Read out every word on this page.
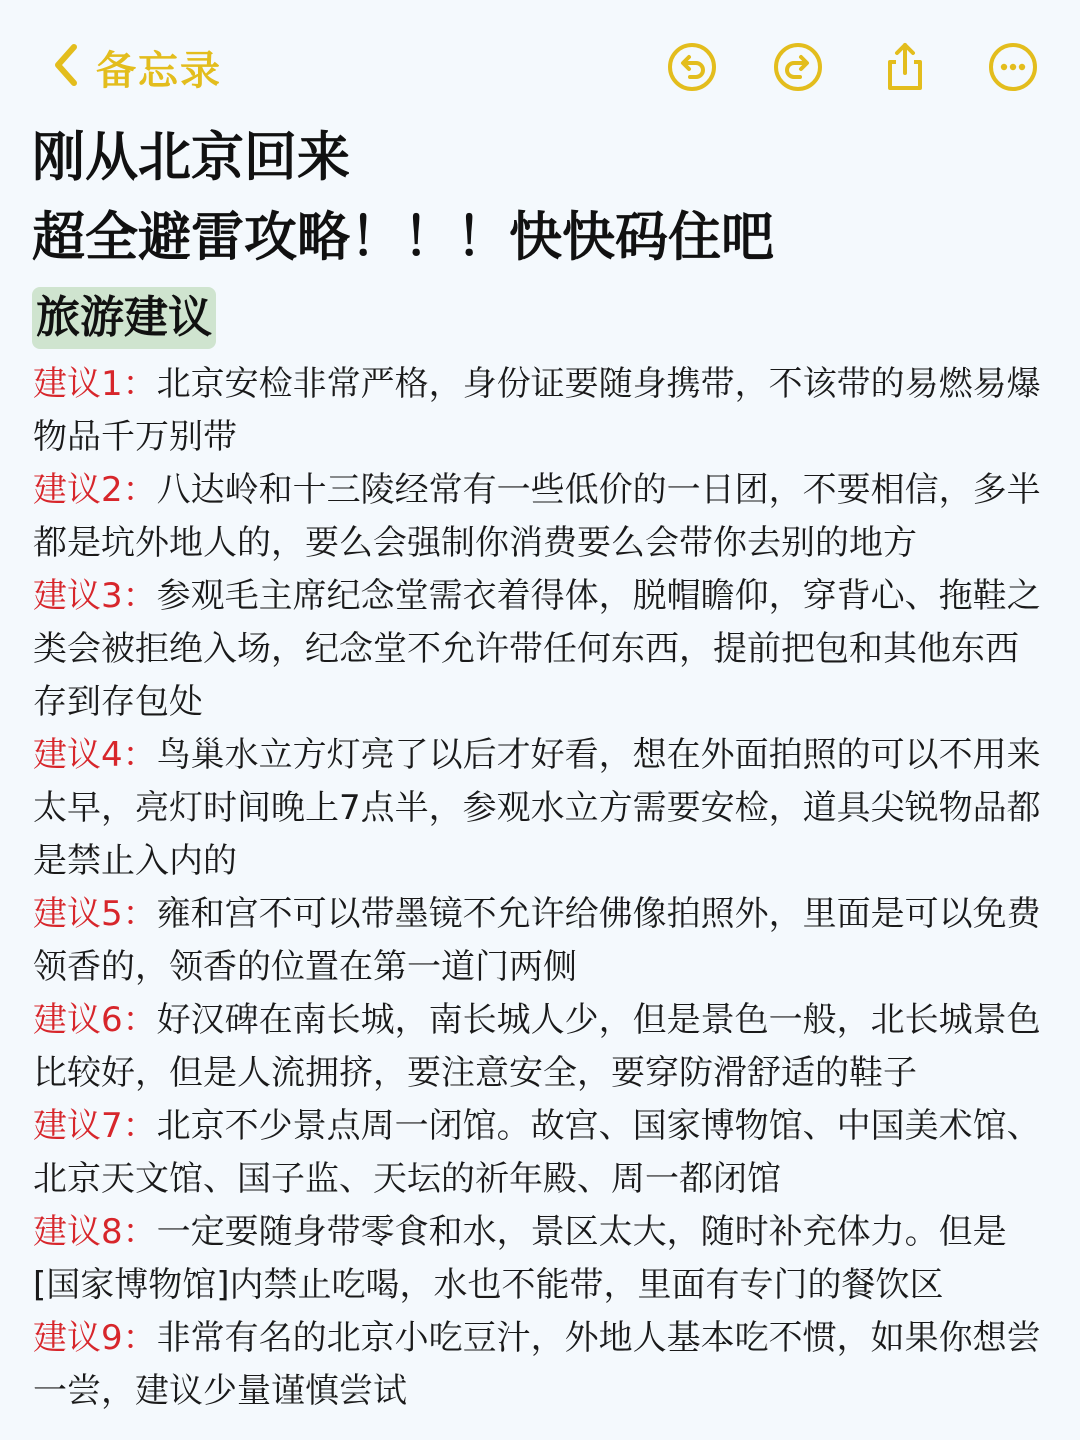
备忘录
刚从北京回来
超全避雷攻略！！！快快码住吧
旅游建议

建议1：北京安检非常严格，身份证要随身携带，不该带的易燃易爆物品千万别带

建议2：八达岭和十三陵经常有一些低价的一日团，不要相信，多半都是坑外地人的，要么会强制你消费要么会带你去别的地方

建议3：参观毛主席纪念堂需衣着得体，脱帽瞻仰，穿背心、拖鞋之类会被拒绝入场，纪念堂不允许带任何东西，提前把包和其他东西存到存包处

建议4：鸟巢水立方灯亮了以后才好看，想在外面拍照的可以不用来太早，亮灯时间晚上7点半，参观水立方需要安检，道具尖锐物品都是禁止入内的

建议5：雍和宫不可以带墨镜不允许给佛像拍照外，里面是可以免费领香的，领香的位置在第一道门两侧

建议6：好汉碑在南长城，南长城人少，但是景色一般，北长城景色比较好，但是人流拥挤，要注意安全，要穿防滑舒适的鞋子

建议7：北京不少景点周一闭馆。故宫、国家博物馆、中国美术馆、北京天文馆、国子监、天坛的祈年殿、周一都闭馆

建议8：一定要随身带零食和水，景区太大，随时补充体力。但是[国家博物馆]内禁止吃喝，水也不能带，里面有专门的餐饮区

建议9：非常有名的北京小吃豆汁，外地人基本吃不惯，如果你想尝一尝，建议少量谨慎尝试
